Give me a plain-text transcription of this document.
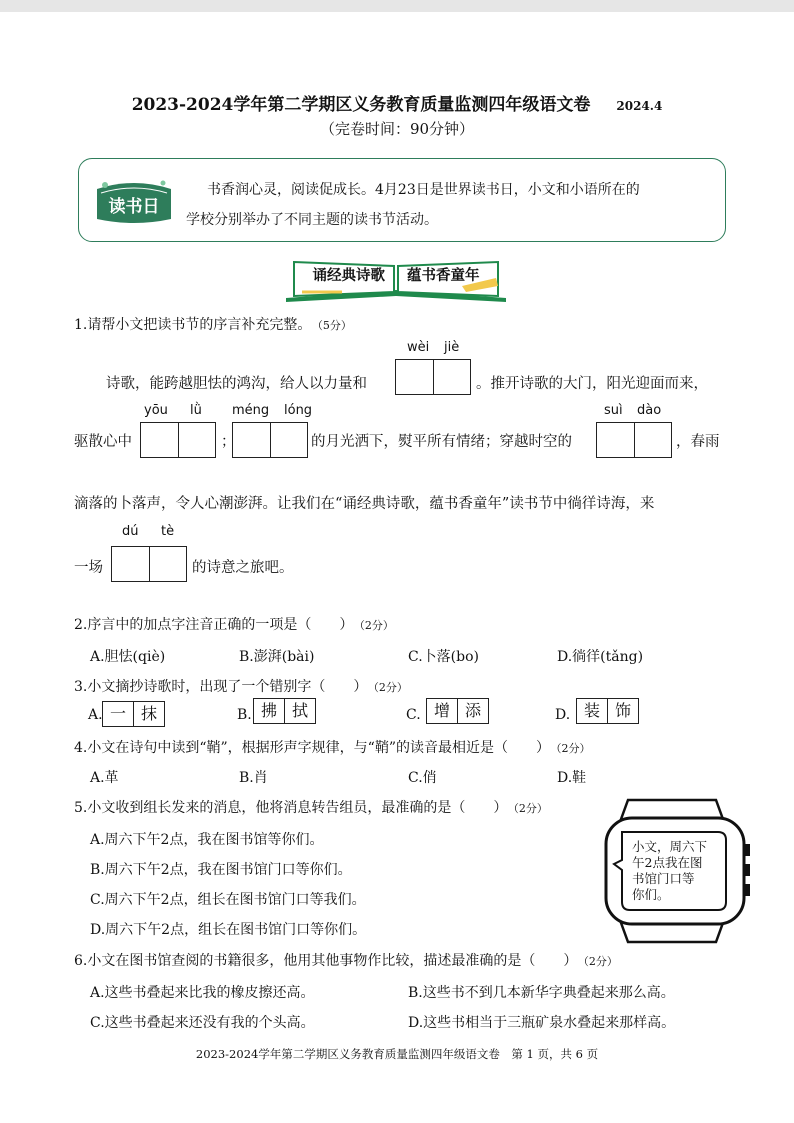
2023-2024学年第二学期区义务教育质量监测四年级语文卷 2024.4
（完卷时间：90分钟）
读书日
书香润心灵，阅读促成长。4月23日是世界读书日，小文和小语所在的
学校分别举办了不同主题的读书节活动。
诵经典诗歌 蕴书香童年
1.请帮小文把读书节的序言补充完整。 （5分）
wèi jiè
诗歌，能跨越胆怯的鸿沟，给人以力量和	。推开诗歌的大门，阳光迎面而来，
yōu lǜ méng lóng	suì dào
驱散心中	；	的月光洒下，熨平所有情绪；穿越时空的	，春雨
滴落的卜落声，令人心潮澎湃。让我们在“诵经典诗歌，蕴书香童年”读书节中徜徉诗海，来
dú tè
一场	的诗意之旅吧。
2.序言中的加点字注音正确的一项是（　　） （2分）
A.胆怯(qiè)	B.澎湃(bài)	C.卜落(bo)	D.徜徉(tǎng)
3.小文摘抄诗歌时，出现了一个错别字（　　） （2分）
A. 一 抹	B. 拂 拭	C. 增 添	D. 装 饰
4.小文在诗句中读到“鞘”，根据形声字规律，与“鞘”的读音最相近是（　　） （2分）
A.革	B.肖	C.俏	D.鞋
5.小文收到组长发来的消息，他将消息转告组员，最准确的是（　　） （2分）
A.周六下午2点，我在图书馆等你们。
B.周六下午2点，我在图书馆门口等你们。
C.周六下午2点，组长在图书馆门口等我们。
D.周六下午2点，组长在图书馆门口等你们。
小文，周六下
午2点我在图
书馆门口等
你们。
6.小文在图书馆查阅的书籍很多，他用其他事物作比较，描述最准确的是（　　） （2分）
A.这些书叠起来比我的橡皮擦还高。	B.这些书不到几本新华字典叠起来那么高。
C.这些书叠起来还没有我的个头高。	D.这些书相当于三瓶矿泉水叠起来那样高。
2023-2024学年第二学期区义务教育质量监测四年级语文卷　第 1 页，共 6 页
